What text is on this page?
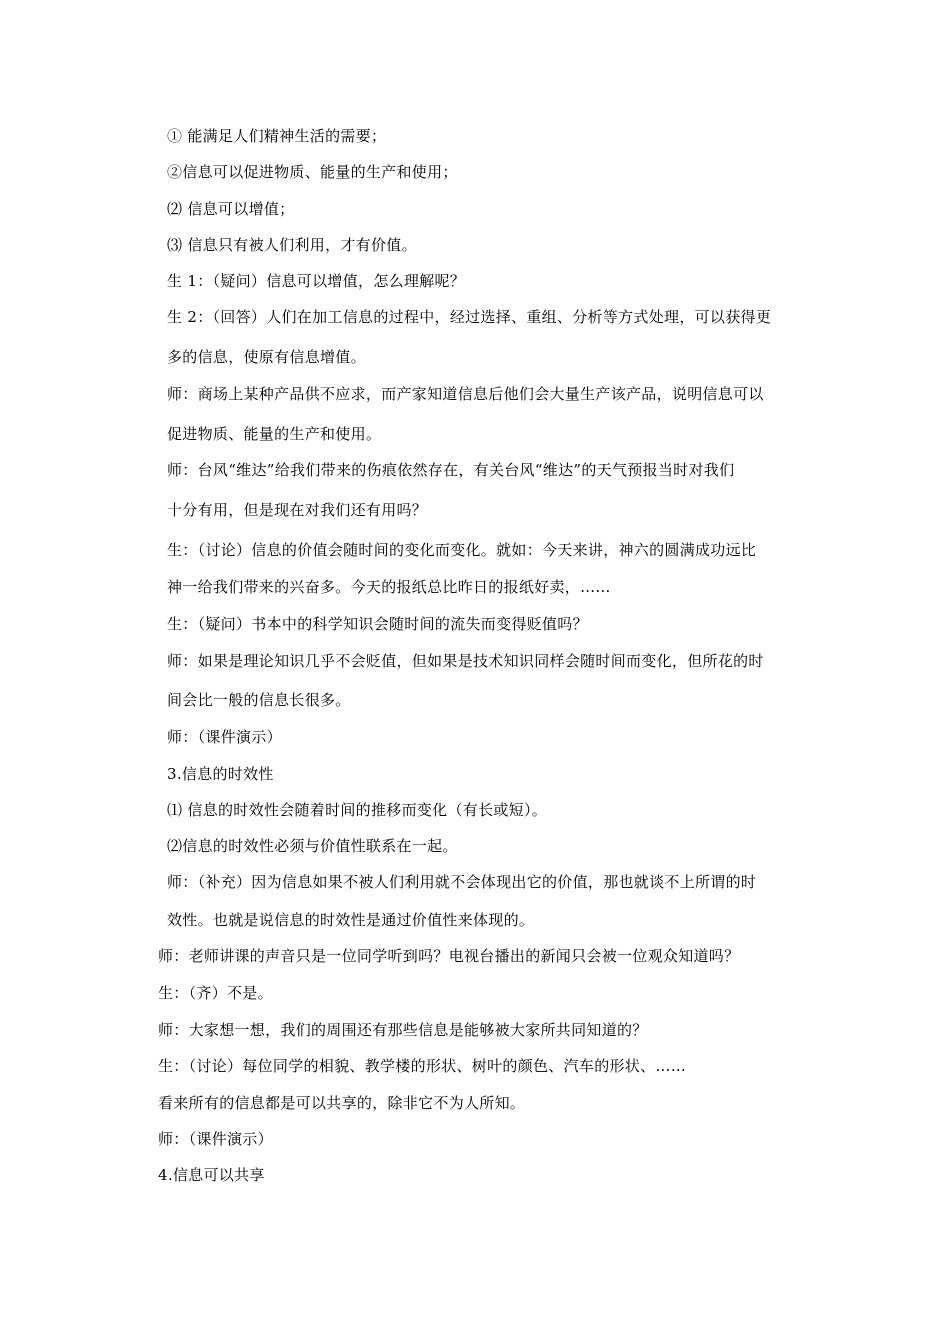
① 能满足人们精神生活的需要；
②信息可以促进物质、能量的生产和使用；
⑵ 信息可以增值；
⑶ 信息只有被人们利用，才有价值。
生 1：（疑问）信息可以增值，怎么理解呢？
生 2：（回答）人们在加工信息的过程中，经过选择、重组、分析等方式处理，可以获得更
多的信息，使原有信息增值。
师：商场上某种产品供不应求，而产家知道信息后他们会大量生产该产品，说明信息可以
促进物质、能量的生产和使用。
师：台风“维达”给我们带来的伤痕依然存在，有关台风“维达”的天气预报当时对我们
十分有用，但是现在对我们还有用吗？
生：（讨论）信息的价值会随时间的变化而变化。就如：今天来讲，神六的圆满成功远比
神一给我们带来的兴奋多。今天的报纸总比昨日的报纸好卖，……
生：（疑问）书本中的科学知识会随时间的流失而变得贬值吗？
师：如果是理论知识几乎不会贬值，但如果是技术知识同样会随时间而变化，但所花的时
间会比一般的信息长很多。
师：（课件演示）
3.信息的时效性
⑴ 信息的时效性会随着时间的推移而变化（有长或短）。
⑵信息的时效性必须与价值性联系在一起。
师：（补充）因为信息如果不被人们利用就不会体现出它的价值，那也就谈不上所谓的时
效性。也就是说信息的时效性是通过价值性来体现的。
师：老师讲课的声音只是一位同学听到吗？电视台播出的新闻只会被一位观众知道吗？
生：（齐）不是。
师：大家想一想，我们的周围还有那些信息是能够被大家所共同知道的？
生：（讨论）每位同学的相貌、教学楼的形状、树叶的颜色、汽车的形状、……
看来所有的信息都是可以共享的，除非它不为人所知。
师：（课件演示）
4.信息可以共享
